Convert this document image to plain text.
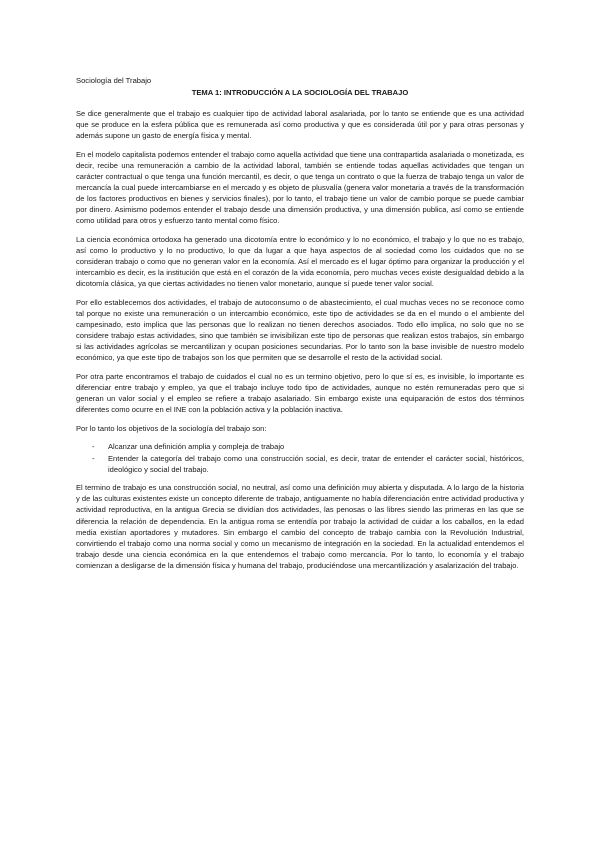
Sociología del Trabajo

TEMA 1: INTRODUCCIÓN A LA SOCIOLOGÍA DEL TRABAJO

Se dice generalmente que el trabajo es cualquier tipo de actividad laboral asalariada, por lo tanto se entiende que es una actividad que se produce en la esfera pública que es remunerada así como productiva y que es considerada útil por y para otras personas y además supone un gasto de energía física y mental.

En el modelo capitalista podemos entender el trabajo como aquella actividad que tiene una contrapartida asalariada o monetizada, es decir, recibe una remuneración a cambio de la actividad laboral, también se entiende todas aquellas actividades que tengan un carácter contractual o que tenga una función mercantil, es decir, o que tenga un contrato o que la fuerza de trabajo tenga un valor de mercancía la cual puede intercambiarse en el mercado y es objeto de plusvalía (genera valor monetaria a través de la transformación de los factores productivos en bienes y servicios finales), por lo tanto, el trabajo tiene un valor de cambio porque se puede cambiar por dinero. Asimismo podemos entender el trabajo desde una dimensión productiva, y una dimensión publica, así como se entiende como utilidad para otros y esfuerzo tanto mental como físico.

La ciencia económica ortodoxa ha generado una dicotomía entre lo económico y lo no económico, el trabajo y lo que no es trabajo, así como lo productivo y lo no productivo, lo que da lugar a que haya aspectos de al sociedad como los cuidados que no se consideran trabajo o como que no generan valor en la economía. Así el mercado es el lugar óptimo para organizar la producción y el intercambio es decir, es la institución que está en el corazón de la vida economía, pero muchas veces existe desigualdad debido a la dicotomía clásica, ya que ciertas actividades no tienen valor monetario, aunque sí puede tener valor social.

Por ello establecemos dos actividades, el trabajo de autoconsumo o de abastecimiento, el cual muchas veces no se reconoce como tal porque no existe una remuneración o un intercambio económico, este tipo de actividades se da en el mundo o el ambiente del campesinado, esto implica que las personas que lo realizan no tienen derechos asociados. Todo ello implica, no solo que no se considere trabajo estas actividades, sino que también se invisibilizan este tipo de personas que realizan estos trabajos, sin embargo si las actividades agrícolas se mercantilizan y ocupan posiciones secundarias. Por lo tanto son la base invisible de nuestro modelo económico, ya que este tipo de trabajos son los que permiten que se desarrolle el resto de la actividad social.

Por otra parte encontramos el trabajo de cuidados el cual no es un termino objetivo, pero lo que sí es, es invisible, lo importante es diferenciar entre trabajo y empleo, ya que el trabajo incluye todo tipo de actividades, aunque no estén remuneradas pero que si generan un valor social y el empleo se refiere a trabajo asalariado. Sin embargo existe una equiparación de estos dos términos diferentes como ocurre en el INE con la población activa y la población inactiva.

Por lo tanto los objetivos de la sociología del trabajo son:

- Alcanzar una definición amplia y compleja de trabajo
- Entender la categoría del trabajo como una construcción social, es decir, tratar de entender el carácter social, históricos, ideológico y social del trabajo.

El termino de trabajo es una construcción social, no neutral, así como una definición muy abierta y disputada. A lo largo de la historia y de las culturas existentes existe un concepto diferente de trabajo, antiguamente no había diferenciación entre actividad productiva y actividad reproductiva, en la antigua Grecia se dividían dos actividades, las penosas o las libres siendo las primeras en las que se diferencia la relación de dependencia. En la antigua roma se entendía por trabajo la actividad de cuidar a los caballos, en la edad media existían aportadores y mutadores. Sin embargo el cambio del concepto de trabajo cambia con la Revolución Industrial, convirtiendo el trabajo como una norma social y como un mecanismo de integración en la sociedad. En la actualidad entendemos el trabajo desde una ciencia económica en la que entendemos el trabajo como mercancía. Por lo tanto, lo economía y el trabajo comienzan a desligarse de la dimensión física y humana del trabajo, produciéndose una mercantilización y asalarización del trabajo.
